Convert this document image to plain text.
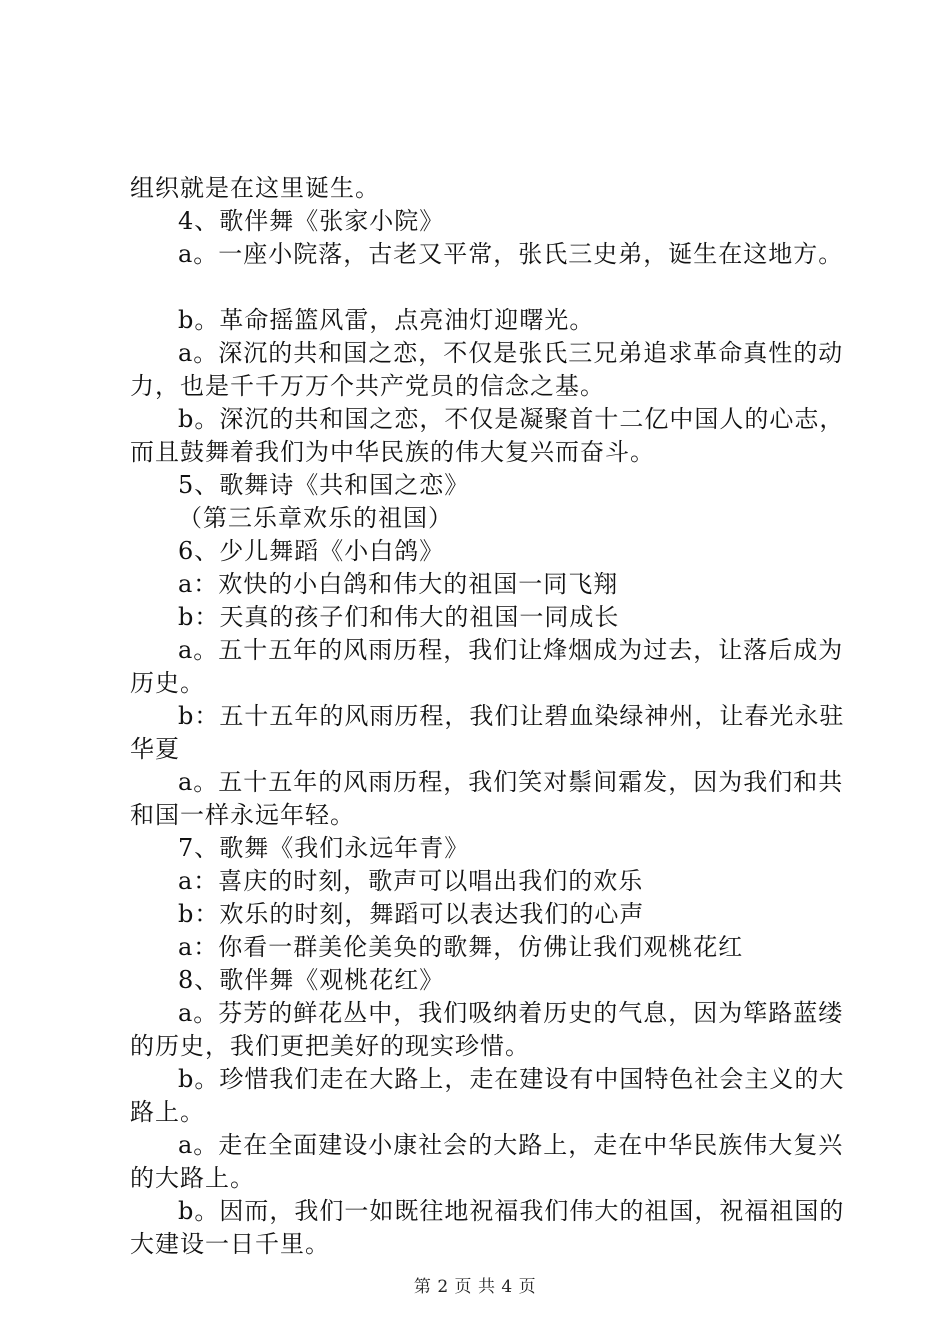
组织就是在这里诞生。

4、歌伴舞《张家小院》

a。一座小院落，古老又平常，张氏三史弟，诞生在这地方。

b。革命摇篮风雷，点亮油灯迎曙光。

a。深沉的共和国之恋，不仅是张氏三兄弟追求革命真性的动力，也是千千万万个共产党员的信念之基。

b。深沉的共和国之恋，不仅是凝聚首十二亿中国人的心志，而且鼓舞着我们为中华民族的伟大复兴而奋斗。

5、歌舞诗《共和国之恋》

（第三乐章欢乐的祖国）

6、少儿舞蹈《小白鸽》

a：欢快的小白鸽和伟大的祖国一同飞翔

b：天真的孩子们和伟大的祖国一同成长

a。五十五年的风雨历程，我们让烽烟成为过去，让落后成为历史。

b：五十五年的风雨历程，我们让碧血染绿神州，让春光永驻华夏

a。五十五年的风雨历程，我们笑对鬃间霜发，因为我们和共和国一样永远年轻。

7、歌舞《我们永远年青》

a：喜庆的时刻，歌声可以唱出我们的欢乐

b：欢乐的时刻，舞蹈可以表达我们的心声

a：你看一群美伦美奂的歌舞，仿佛让我们观桃花红

8、歌伴舞《观桃花红》

a。芬芳的鲜花丛中，我们吸纳着历史的气息，因为筚路蓝缕的历史，我们更把美好的现实珍惜。

b。珍惜我们走在大路上，走在建设有中国特色社会主义的大路上。

a。走在全面建设小康社会的大路上，走在中华民族伟大复兴的大路上。

b。因而，我们一如既往地祝福我们伟大的祖国，祝福祖国的大建设一日千里。

第 2 页 共 4 页
